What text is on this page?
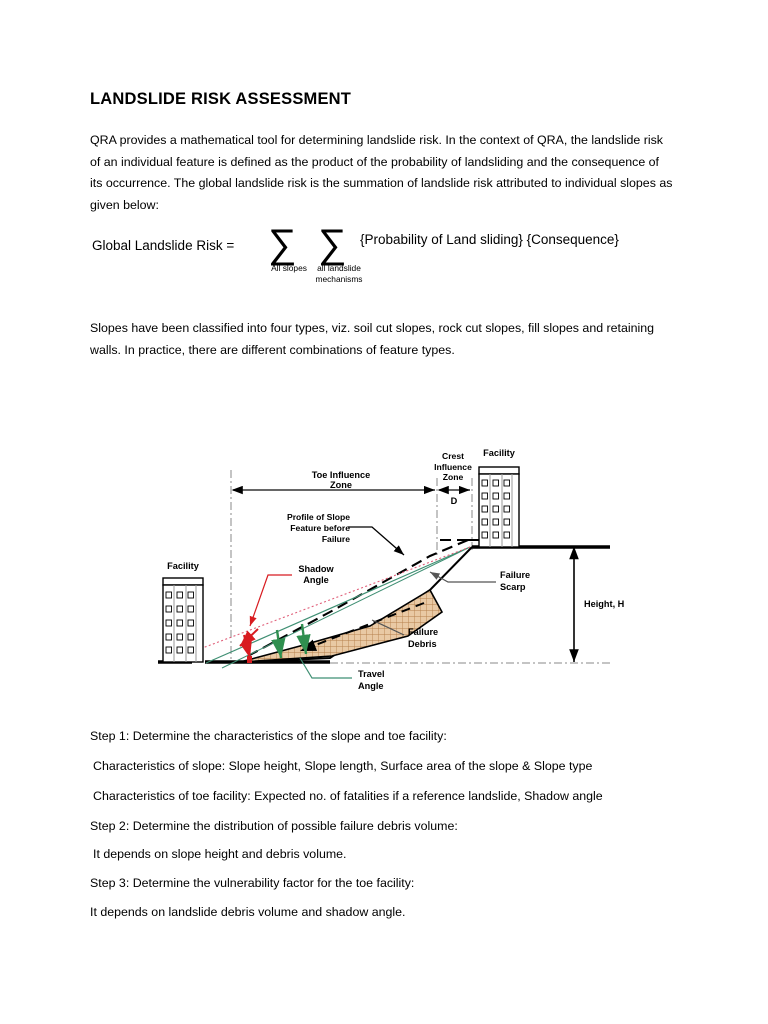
LANDSLIDE RISK ASSESSMENT
QRA provides a mathematical tool for determining landslide risk. In the context of QRA, the landslide risk of an individual feature is defined as the product of the probability of landsliding and the consequence of its occurrence. The global landslide risk is the summation of landslide risk attributed to individual slopes as given below:
Global Landslide Risk = ∑
All slopes
∑
all landslide
mechanisms
{Probability of Land sliding} {Consequence}
Slopes have been classified into four types, viz. soil cut slopes, rock cut slopes, fill slopes and retaining walls. In practice, there are different combinations of feature types.
Toe Influence
Zone
Crest
Influence
Zone
D
Facility
Facility
Profile of Slope
Feature before
Failure
Shadow
Angle	Failure
Scarp
Failure
Debris
Travel
Angle
Height, H
Step 1: Determine the characteristics of the slope and toe facility:
Characteristics of slope: Slope height, Slope length, Surface area of the slope & Slope type
Characteristics of toe facility: Expected no. of fatalities if a reference landslide, Shadow angle
Step 2: Determine the distribution of possible failure debris volume:
It depends on slope height and debris volume.
Step 3: Determine the vulnerability factor for the toe facility:
It depends on landslide debris volume and shadow angle.
